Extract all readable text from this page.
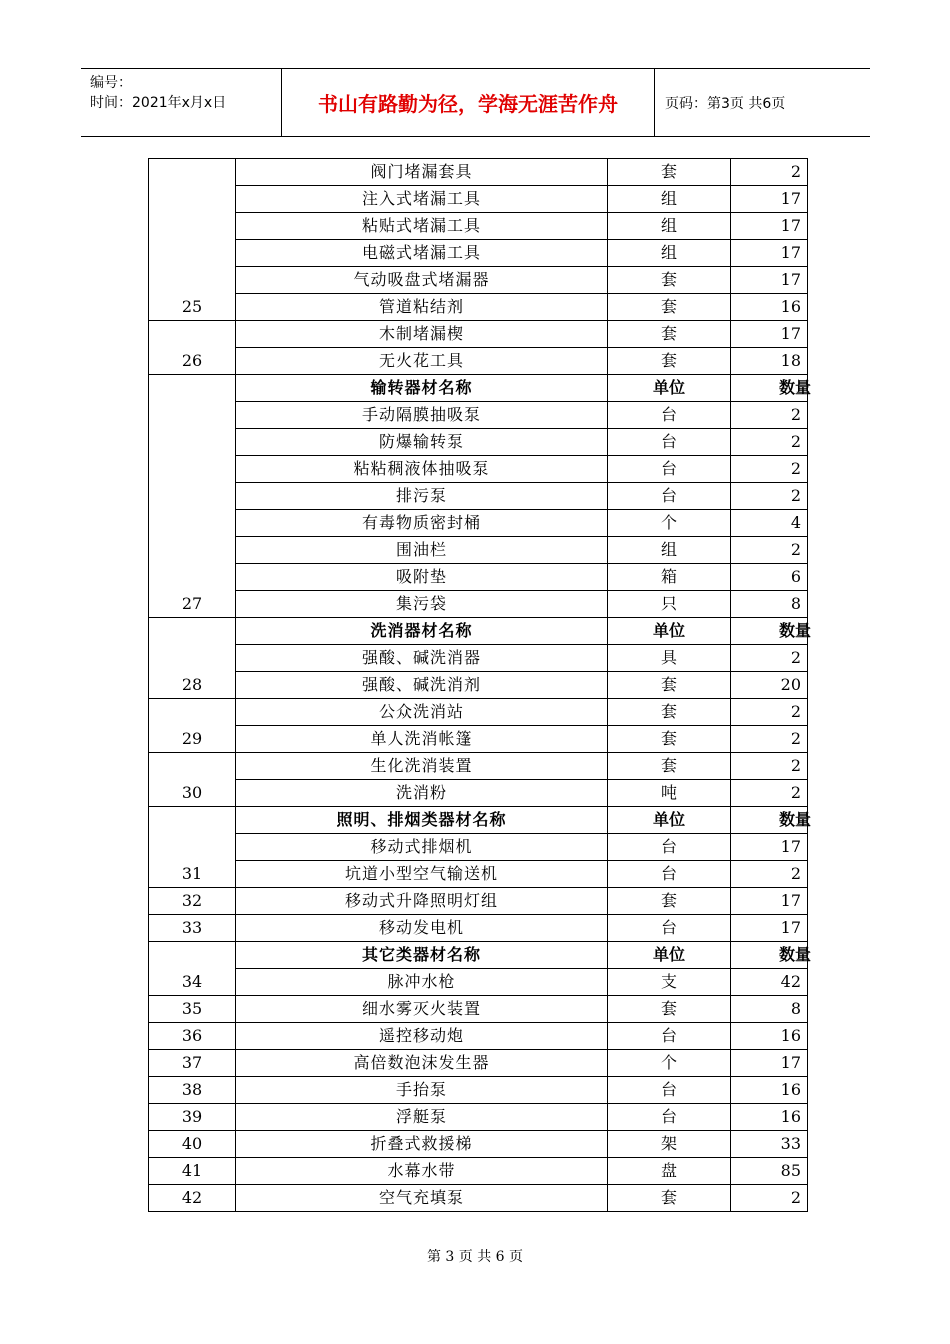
编号：
时间：2021年x月x日	书山有路勤为径，学海无涯苦作舟	页码：第3页 共6页
25	阀门堵漏套具	套	2
	注入式堵漏工具	组	17
	粘贴式堵漏工具	组	17
	电磁式堵漏工具	组	17
	气动吸盘式堵漏器	套	17
	管道粘结剂	套	16
26	木制堵漏楔	套	17
	无火花工具	套	18
27	输转器材名称	单位	数量
	手动隔膜抽吸泵	台	2
	防爆输转泵	台	2
	粘粘稠液体抽吸泵	台	2
	排污泵	台	2
	有毒物质密封桶	个	4
	围油栏	组	2
	吸附垫	箱	6
	集污袋	只	8
28	洗消器材名称	单位	数量
	强酸、碱洗消器	具	2
	强酸、碱洗消剂	套	20
29	公众洗消站	套	2
	单人洗消帐篷	套	2
30	生化洗消装置	套	2
	洗消粉	吨	2
31	照明、排烟类器材名称	单位	数量
	移动式排烟机	台	17
	坑道小型空气输送机	台	2
32	移动式升降照明灯组	套	17
33	移动发电机	台	17
34	其它类器材名称	单位	数量
	脉冲水枪	支	42
35	细水雾灭火装置	套	8
36	遥控移动炮	台	16
37	高倍数泡沫发生器	个	17
38	手抬泵	台	16
39	浮艇泵	台	16
40	折叠式救援梯	架	33
41	水幕水带	盘	85
42	空气充填泵	套	2
第 3 页 共 6 页
